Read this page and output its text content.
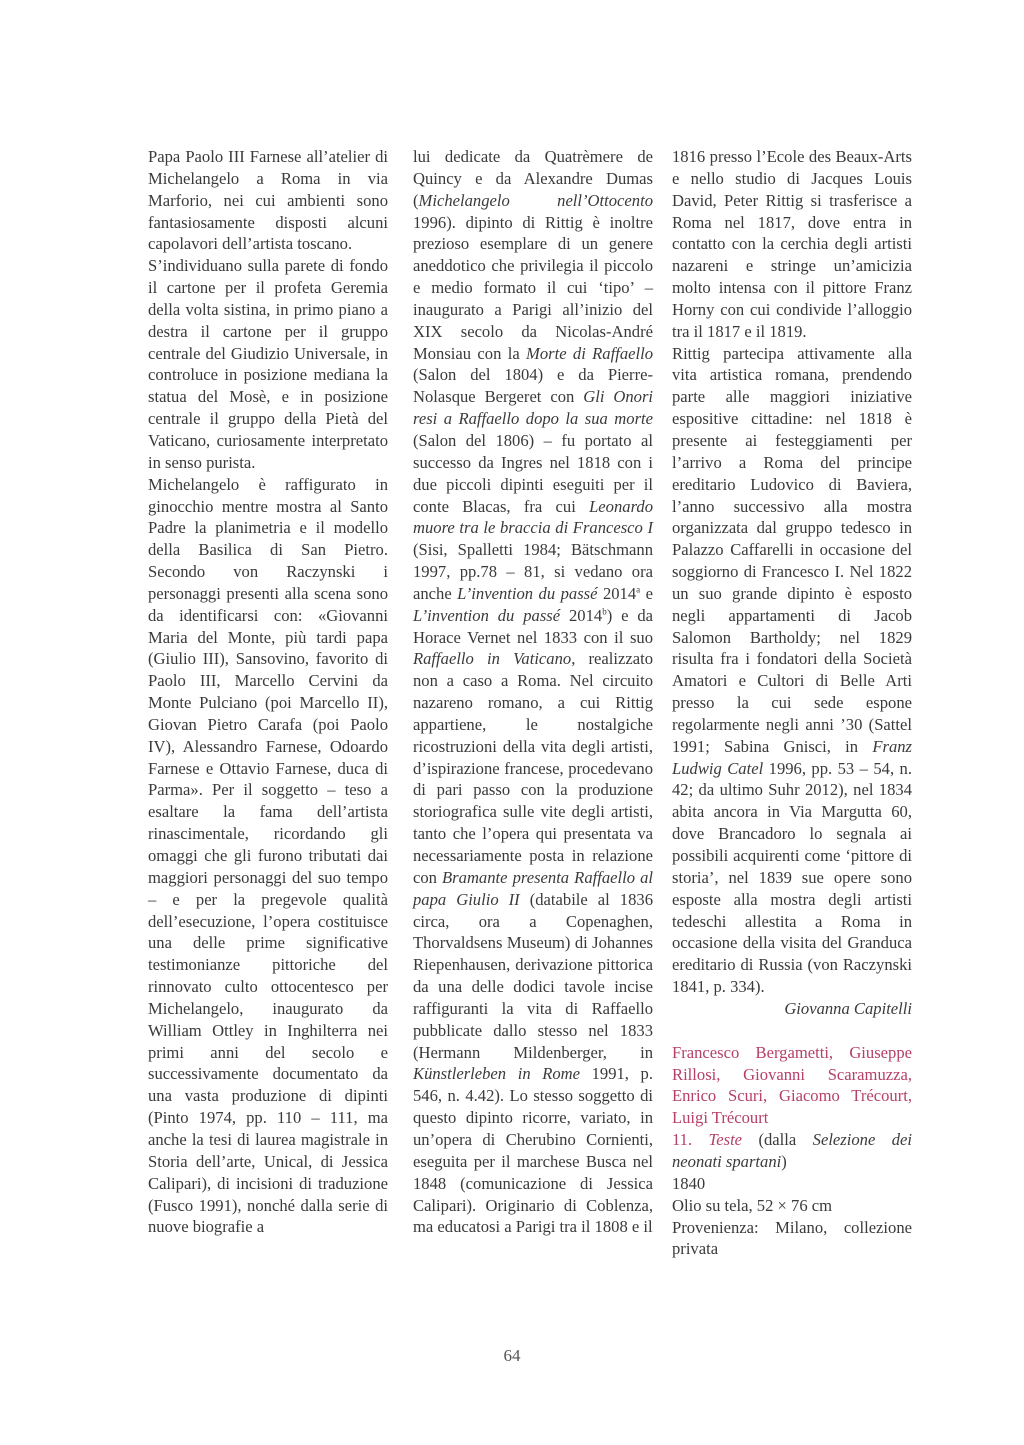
Papa Paolo III Farnese all’atelier di Michelangelo a Roma in via Marforio, nei cui ambienti sono fantasiosamente disposti alcuni capolavori dell’artista toscano.

S’individuano sulla parete di fondo il cartone per il profeta Geremia della volta sistina, in primo piano a destra il cartone per il gruppo centrale del Giudizio Universale, in controluce in posizione mediana la statua del Mosè, e in posizione centrale il gruppo della Pietà del Vaticano, curiosamente interpretato in senso purista.

Michelangelo è raffigurato in ginocchio mentre mostra al Santo Padre la planimetria e il modello della Basilica di San Pietro. Secondo von Raczynski i personaggi presenti alla scena sono da identificarsi con: «Giovanni Maria del Monte, più tardi papa (Giulio III), Sansovino, favorito di Paolo III, Marcello Cervini da Monte Pulciano (poi Marcello II), Giovan Pietro Carafa (poi Paolo IV), Alessandro Farnese, Odoardo Farnese e Ottavio Farnese, duca di Parma». Per il soggetto – teso a esaltare la fama dell’artista rinascimentale, ricordando gli omaggi che gli furono tributati dai maggiori personaggi del suo tempo – e per la pregevole qualità dell’esecuzione, l’opera costituisce una delle prime significative testimonianze pittoriche del rinnovato culto ottocentesco per Michelangelo, inaugurato da William Ottley in Inghilterra nei primi anni del secolo e successivamente documentato da una vasta produzione di dipinti (Pinto 1974, pp. 110 – 111, ma anche la tesi di laurea magistrale in Storia dell’arte, Unical, di Jessica Calipari), di incisioni di traduzione (Fusco 1991), nonché dalla serie di nuove biografie a

lui dedicate da Quatrèmere de Quincy e da Alexandre Dumas (Michelangelo nell’Ottocento 1996). dipinto di Rittig è inoltre prezioso esemplare di un genere aneddotico che privilegia il piccolo e medio formato il cui ‘tipo’ – inaugurato a Parigi all’inizio del XIX secolo da Nicolas-André Monsiau con la Morte di Raffaello (Salon del 1804) e da Pierre-Nolasque Bergeret con Gli Onori resi a Raffaello dopo la sua morte (Salon del 1806) – fu portato al successo da Ingres nel 1818 con i due piccoli dipinti eseguiti per il conte Blacas, fra cui Leonardo muore tra le braccia di Francesco I (Sisi, Spalletti 1984; Bätschmann 1997, pp.78 – 81, si vedano ora anche L’invention du passé 2014$^a$ e L’invention du passé 2014$^b$) e da Horace Vernet nel 1833 con il suo Raffaello in Vaticano, realizzato non a caso a Roma. Nel circuito nazareno romano, a cui Rittig appartiene, le nostalgiche ricostruzioni della vita degli artisti, d’ispirazione francese, procedevano di pari passo con la produzione storiografica sulle vite degli artisti, tanto che l’opera qui presentata va necessariamente posta in relazione con Bramante presenta Raffaello al papa Giulio II (databile al 1836 circa, ora a Copenaghen, Thorvaldsens Museum) di Johannes Riepenhausen, derivazione pittorica da una delle dodici tavole incise raffiguranti la vita di Raffaello pubblicate dallo stesso nel 1833 (Hermann Mildenberger, in Künstlerleben in Rome 1991, p. 546, n. 4.42). Lo stesso soggetto di questo dipinto ricorre, variato, in un’opera di Cherubino Cornienti, eseguita per il marchese Busca nel 1848 (comunicazione di Jessica Calipari). Originario di Coblenza, ma educatosi a Parigi tra il 1808 e il

1816 presso l’Ecole des Beaux-Arts e nello studio di Jacques Louis David, Peter Rittig si trasferisce a Roma nel 1817, dove entra in contatto con la cerchia degli artisti nazareni e stringe un’amicizia molto intensa con il pittore Franz Horny con cui condivide l’alloggio tra il 1817 e il 1819.

Rittig partecipa attivamente alla vita artistica romana, prendendo parte alle maggiori iniziative espositive cittadine: nel 1818 è presente ai festeggiamenti per l’arrivo a Roma del principe ereditario Ludovico di Baviera, l’anno successivo alla mostra organizzata dal gruppo tedesco in Palazzo Caffarelli in occasione del soggiorno di Francesco I. Nel 1822 un suo grande dipinto è esposto negli appartamenti di Jacob Salomon Bartholdy; nel 1829 risulta fra i fondatori della Società Amatori e Cultori di Belle Arti presso la cui sede espone regolarmente negli anni ’30 (Sattel 1991; Sabina Gnisci, in Franz Ludwig Catel 1996, pp. 53 – 54, n. 42; da ultimo Suhr 2012), nel 1834 abita ancora in Via Margutta 60, dove Brancadoro lo segnala ai possibili acquirenti come ‘pittore di storia’, nel 1839 sue opere sono esposte alla mostra degli artisti tedeschi allestita a Roma in occasione della visita del Granduca ereditario di Russia (von Raczynski 1841, p. 334).

Giovanna Capitelli

Francesco Bergametti, Giuseppe Rillosi, Giovanni Scaramuzza, Enrico Scuri, Giacomo Trécourt, Luigi Trécourt

11. Teste (dalla Selezione dei neonati spartani)

1840

Olio su tela, 52 × 76 cm

Provenienza: Milano, collezione privata

64
